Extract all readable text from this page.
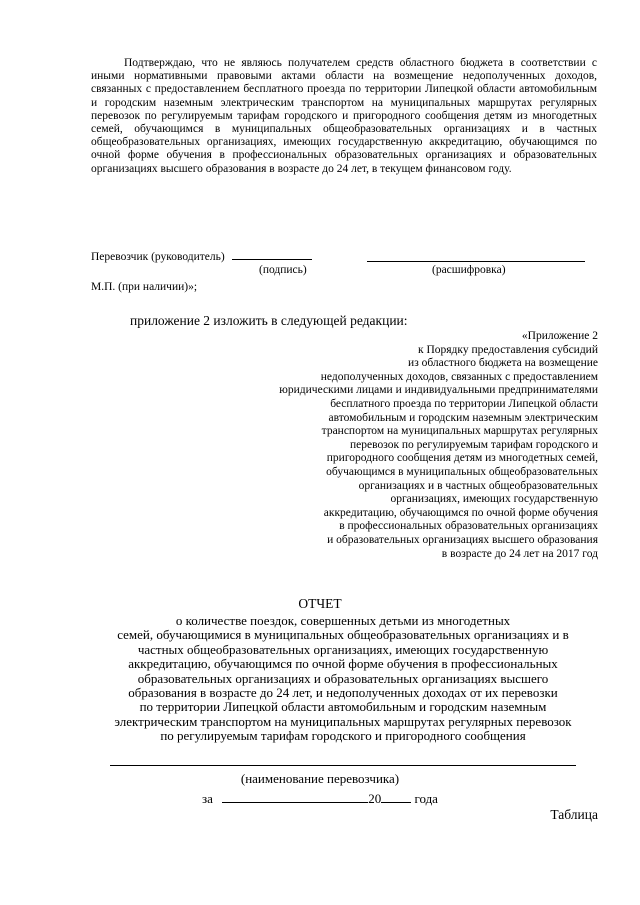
Подтверждаю, что не являюсь получателем средств областного бюджета в соответствии с иными нормативными правовыми актами области на возмещение недополученных доходов, связанных с предоставлением бесплатного проезда по территории Липецкой области автомобильным и городским наземным электрическим транспортом на муниципальных маршрутах регулярных перевозок по регулируемым тарифам городского и пригородного сообщения детям из многодетных семей, обучающимся в муниципальных общеобразовательных организациях и в частных общеобразовательных организациях, имеющих государственную аккредитацию, обучающимся по очной форме обучения в профессиональных образовательных организациях и образовательных организациях высшего образования в возрасте до 24 лет, в текущем финансовом году.
Перевозчик (руководитель)
(подпись)	(расшифровка)
М.П. (при наличии)»;
приложение 2 изложить в следующей редакции:
«Приложение 2
к Порядку предоставления субсидий
из областного бюджета на возмещение
недополученных доходов, связанных с предоставлением
юридическими лицами и индивидуальными предпринимателями
бесплатного проезда по территории Липецкой области
автомобильным и городским наземным электрическим
транспортом на муниципальных маршрутах регулярных
перевозок по регулируемым тарифам городского и
пригородного сообщения детям из многодетных семей,
обучающимся в муниципальных общеобразовательных
организациях и в частных общеобразовательных
организациях, имеющих государственную
аккредитацию, обучающимся по очной форме обучения
в профессиональных образовательных организациях
и образовательных организациях высшего образования
в возрасте до 24 лет на 2017 год
ОТЧЕТ
о количестве поездок, совершенных детьми из многодетных
семей, обучающимися в муниципальных общеобразовательных организациях и в
частных общеобразовательных организациях, имеющих государственную
аккредитацию, обучающимся по очной форме обучения в профессиональных
образовательных организациях и образовательных организациях высшего
образования в возрасте до 24 лет, и недополученных доходах от их перевозки
по территории Липецкой области автомобильным и городским наземным
электрическим транспортом на муниципальных маршрутах регулярных перевозок
по регулируемым тарифам городского и пригородного сообщения
(наименование перевозчика)
за	20	года
Таблица
